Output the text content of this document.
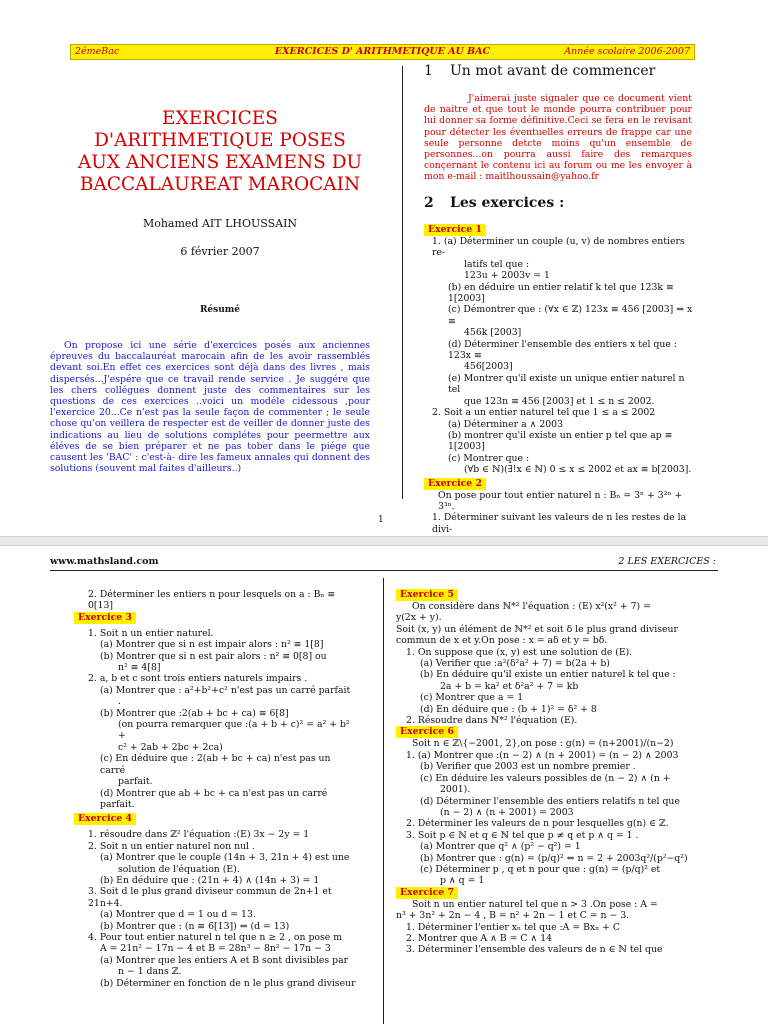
2émeBac	EXERCICES D' ARITHMETIQUE AU BAC	Année scolaire 2006-2007
EXERCICES
D'ARITHMETIQUE POSES
AUX ANCIENS EXAMENS DU
BACCALAUREAT MAROCAIN
Mohamed AIT LHOUSSAIN
6 février 2007
Résumé
On propose ici une série d'exercices posés aux anciennes épreuves du baccalauréat marocain afin de les avoir rassemblés devant soi.En effet ces exercices sont déjà dans des livres , mais dispersés...J'espére que ce travail rende service . Je suggére que les chers collégues donnent juste des commentaires sur les questions de ces exercices ..voici un modéle cidessous ,pour l'exercice 20...Ce n'est pas la seule façon de commenter ; le seule chose qu'on veillera de respecter est de veiller de donner juste des indications au lieu de solutions complétes pour peermettre aux éléves de se bien préparer et ne pas tober dans le piége que causent les 'BAC' : c'est-à- dire les fameux annales qui donnent des solutions (souvent mal faites d'ailleurs..)
1 Un mot avant de commencer
J'aimerai juste signaler que ce document vient de naitre et que tout le monde pourra contribuer pour lui donner sa forme définitive.Ceci se fera en le revisant pour détecter les éventuelles erreurs de frappe car une seule personne detcte moins qu'un ensemble de personnes...on pourra aussi faire des remarques conçernant le contenu ici au forum ou me les envoyer à mon e-mail : maitlhoussain@yahoo.fr
2 Les exercices :
Exercice 1
1. (a) Déterminer un couple (u, v) de nombres entiers re-
latifs tel que :
123u + 2003v = 1
(b) en déduire un entier relatif k tel que 123k ≡ 1[2003]
(c) Démontrer que : (∀x ∈ ℤ) 123x ≡ 456 [2003] ⇔ x ≡
456k [2003]
(d) Déterminer l'ensemble des entiers x tel que : 123x ≡
456[2003]
(e) Montrer qu'il existe un unique entier naturel n tel
que 123n ≡ 456 [2003] et 1 ≤ n ≤ 2002.
2. Soit a un entier naturel tel que 1 ≤ a ≤ 2002
(a) Déterminer a ∧ 2003
(b) montrer qu'il existe un entier p tel que ap ≡ 1[2003]
(c) Montrer que :
(∀b ∈ ℕ)(∃!x ∈ ℕ) 0 ≤ x ≤ 2002 et ax ≡ b[2003].
Exercice 2
On pose pour tout entier naturel n : Bₙ = 3ⁿ + 3²ⁿ + 3³ⁿ.
1. Déterminer suivant les valeurs de n les restes de la divi-
1
www.mathsland.com	2 LES EXERCICES :
2. Déterminer les entiers n pour lesquels on a : Bₙ ≡ 0[13]
Exercice 3
1. Soit n un entier naturel.
(a) Montrer que si n est impair alors : n² ≡ 1[8]
(b) Montrer que si n est pair alors : n² ≡ 0[8] ou
n² ≡ 4[8]
2. a, b et c sont trois entiers naturels impairs .
(a) Montrer que : a²+b²+c² n'est pas un carré parfait
.
(b) Montrer que :2(ab + bc + ca) ≡ 6[8]
(on pourra remarquer que :(a + b + c)² = a² + b² +
c² + 2ab + 2bc + 2ca)
(c) En déduire que : 2(ab + bc + ca) n'est pas un carré
parfait.
(d) Montrer que ab + bc + ca n'est pas un carré parfait.
Exercice 4
1. résoudre dans ℤ² l'équation :(E) 3x − 2y = 1
2. Soit n un entier naturel non nul .
(a) Montrer que le couple (14n + 3, 21n + 4) est une
solution de l'équation (E).
(b) En déduire que : (21n + 4) ∧ (14n + 3) = 1
3. Soit d le plus grand diviseur commun de 2n+1 et 21n+4.
(a) Montrer que d = 1 ou d = 13.
(b) Montrer que : (n ≡ 6[13]) ⇔ (d = 13)
4. Pour tout entier naturel n tel que n ≥ 2 , on pose m
A = 21n² − 17n − 4 et B = 28n³ − 8n² − 17n − 3
(a) Montrer que les entiers A et B sont divisibles par
n − 1 dans ℤ.
(b) Déterminer en fonction de n le plus grand diviseur
Exercice 5
On considère dans ℕ*² l'équation : (E) x²(x² + 7) =
y(2x + y).
Soit (x, y) un élément de ℕ*² et soit δ le plus grand diviseur
commun de x et y.On pose : x = aδ et y = bδ.
1. On suppose que (x, y) est une solution de (E).
(a) Verifier que :a²(δ²a² + 7) = b(2a + b)
(b) En déduire qu'il existe un entier naturel k tel que :
2a + b = ka² et δ²a² + 7 = kb
(c) Montrer que a = 1
(d) En déduire que : (b + 1)² = δ² + 8
2. Résoudre dans ℕ*² l'équation (E).
Exercice 6
Soit n ∈ ℤ\{−2001, 2},on pose : g(n) = (n+2001)/(n−2)
1. (a) Montrer que :(n − 2) ∧ (n + 2001) = (n − 2) ∧ 2003
(b) Verifier que 2003 est un nombre premier .
(c) En déduire les valeurs possibles de (n − 2) ∧ (n +
2001).
(d) Déterminer l'ensemble des entiers relatifs n tel que
(n − 2) ∧ (n + 2001) = 2003
2. Déterminer les valeurs de n pour lesquelles g(n) ∈ ℤ.
3. Soit p ∈ ℕ et q ∈ ℕ tel que p ≠ q et p ∧ q = 1 .
(a) Montrer que q² ∧ (p² − q²) = 1
(b) Montrer que : g(n) = (p/q)² ⇔ n = 2 + 2003q²/(p²−q²)
(c) Déterminer p , q et n pour que : g(n) = (p/q)² et
p ∧ q = 1
Exercice 7
Soit n un entier naturel tel que n > 3 .On pose : A =
n³ + 3n² + 2n − 4 , B = n² + 2n − 1 et C = n − 3.
1. Déterminer l'entier xₙ tel que :A = Bxₙ + C
2. Montrer que A ∧ B = C ∧ 14
3. Déterminer l'ensemble des valeurs de n ∈ ℕ tel que
